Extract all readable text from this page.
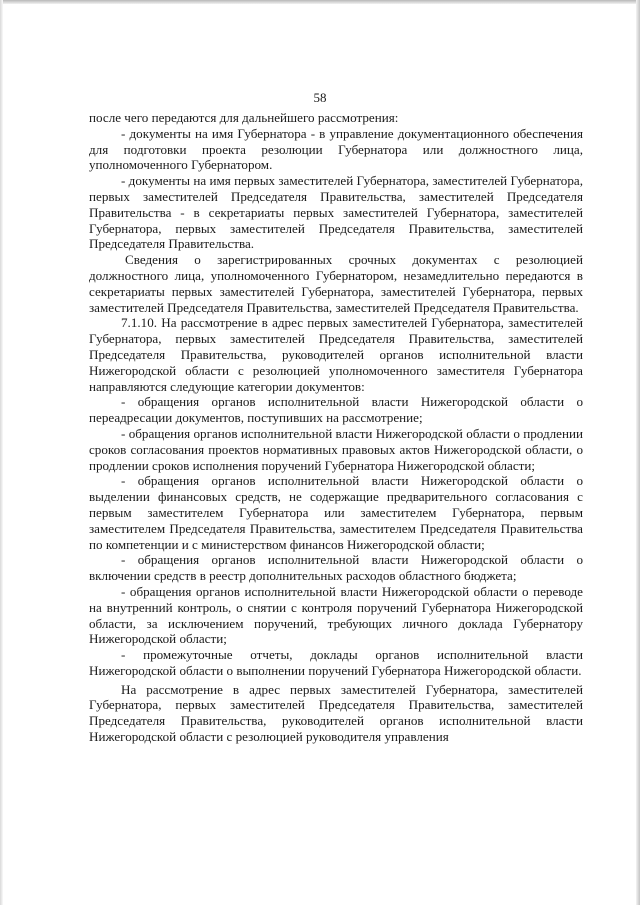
58

после чего передаются для дальнейшего рассмотрения:

- документы на имя Губернатора - в управление документационного обеспечения для подготовки проекта резолюции Губернатора или должностного лица, уполномоченного Губернатором.

- документы на имя первых заместителей Губернатора, заместителей Губернатора, первых заместителей Председателя Правительства, заместителей Председателя Правительства - в секретариаты первых заместителей Губернатора, заместителей Губернатора, первых заместителей Председателя Правительства, заместителей Председателя Правительства.

Сведения о зарегистрированных срочных документах с резолюцией должностного лица, уполномоченного Губернатором, незамедлительно передаются в секретариаты первых заместителей Губернатора, заместителей Губернатора, первых заместителей Председателя Правительства, заместителей Председателя Правительства.

7.1.10. На рассмотрение в адрес первых заместителей Губернатора, заместителей Губернатора, первых заместителей Председателя Правительства, заместителей Председателя Правительства, руководителей органов исполнительной власти Нижегородской области с резолюцией уполномоченного заместителя Губернатора направляются следующие категории документов:

- обращения органов исполнительной власти Нижегородской области о переадресации документов, поступивших на рассмотрение;

- обращения органов исполнительной власти Нижегородской области о продлении сроков согласования проектов нормативных правовых актов Нижегородской области, о продлении сроков исполнения поручений Губернатора Нижегородской области;

- обращения органов исполнительной власти Нижегородской области о выделении финансовых средств, не содержащие предварительного согласования с первым заместителем Губернатора или заместителем Губернатора, первым заместителем Председателя Правительства, заместителем Председателя Правительства по компетенции и с министерством финансов Нижегородской области;

- обращения органов исполнительной власти Нижегородской области о включении средств в реестр дополнительных расходов областного бюджета;

- обращения органов исполнительной власти Нижегородской области о переводе на внутренний контроль, о снятии с контроля поручений Губернатора Нижегородской области, за исключением поручений, требующих личного доклада Губернатору Нижегородской области;

- промежуточные отчеты, доклады органов исполнительной власти Нижегородской области о выполнении поручений Губернатора Нижегородской области.

На рассмотрение в адрес первых заместителей Губернатора, заместителей Губернатора, первых заместителей Председателя Правительства, заместителей Председателя Правительства, руководителей органов исполнительной власти Нижегородской области с резолюцией руководителя управления
